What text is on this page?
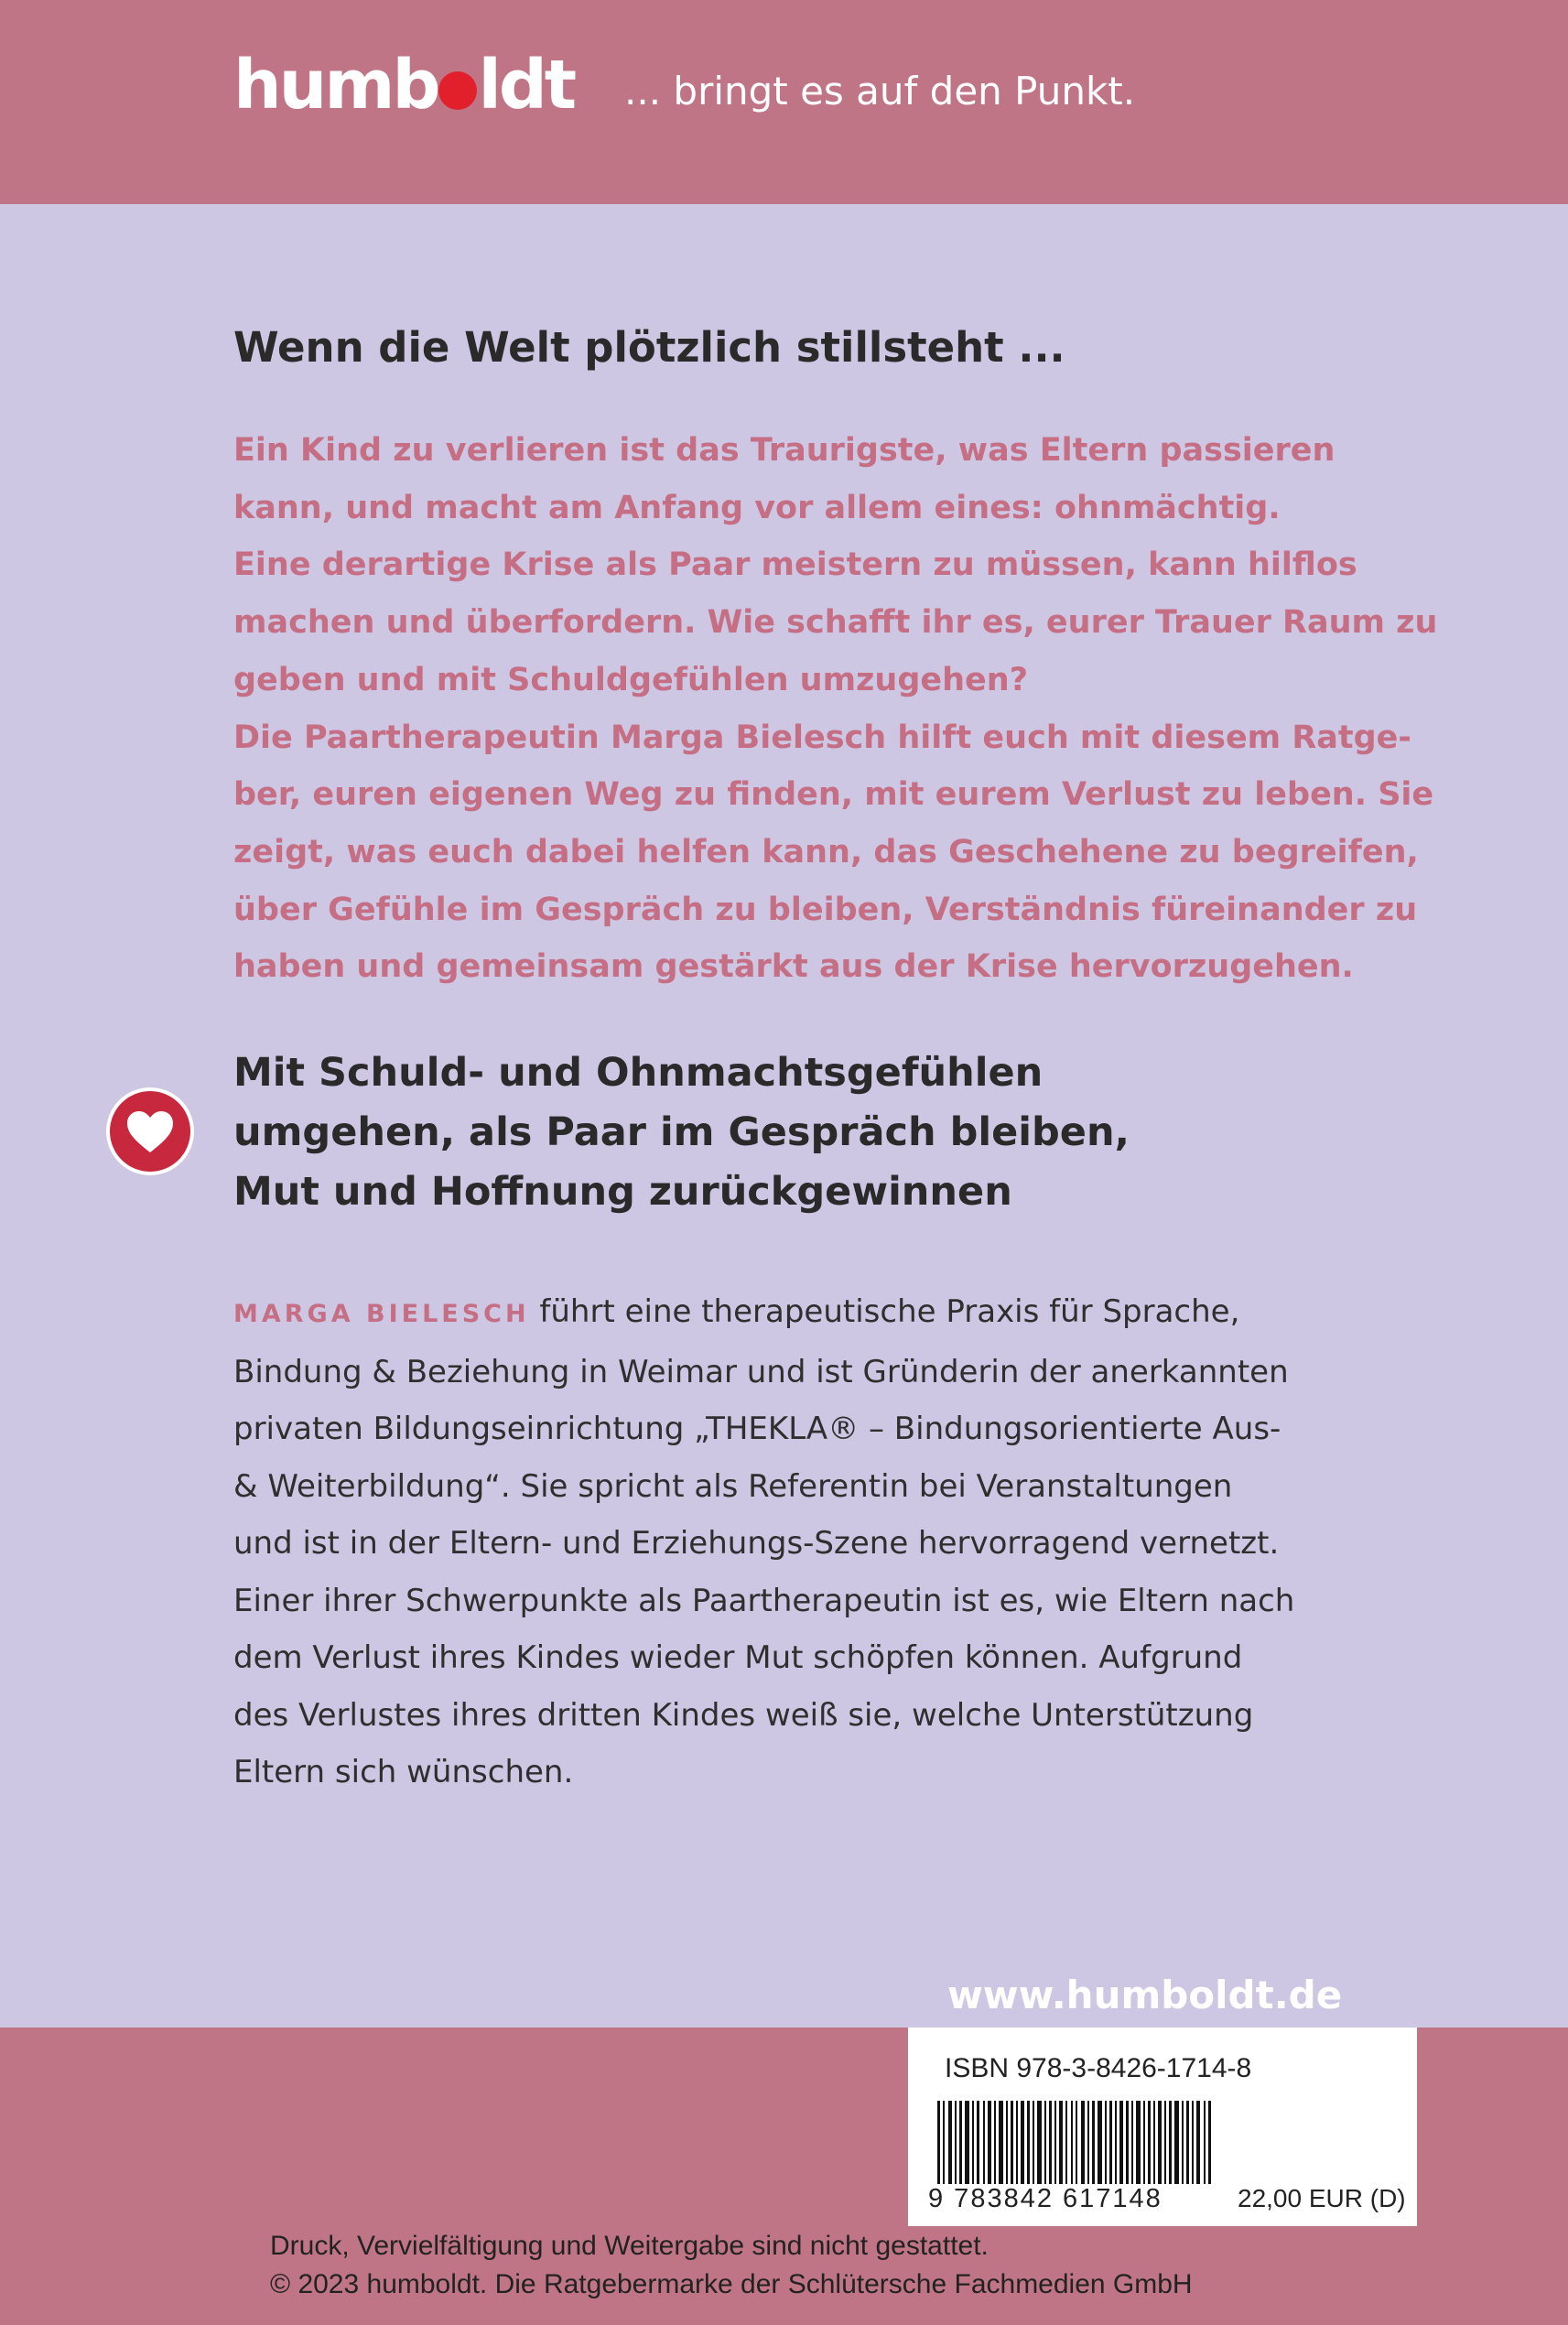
humb ldt ... bringt es auf den Punkt.
Wenn die Welt plötzlich stillsteht ...
Ein Kind zu verlieren ist das Traurigste, was Eltern passieren
kann, und macht am Anfang vor allem eines: ohnmächtig.
Eine derartige Krise als Paar meistern zu müssen, kann hilflos
machen und überfordern. Wie schafft ihr es, eurer Trauer Raum zu
geben und mit Schuldgefühlen umzugehen?
Die Paartherapeutin Marga Bielesch hilft euch mit diesem Ratge-
ber, euren eigenen Weg zu finden, mit eurem Verlust zu leben. Sie
zeigt, was euch dabei helfen kann, das Geschehene zu begreifen,
über Gefühle im Gespräch zu bleiben, Verständnis füreinander zu
haben und gemeinsam gestärkt aus der Krise hervorzugehen.
Mit Schuld- und Ohnmachtsgefühlen
umgehen, als Paar im Gespräch bleiben,
Mut und Hoffnung zurückgewinnen
MARGA BIELESCH führt eine therapeutische Praxis für Sprache,
Bindung & Beziehung in Weimar und ist Gründerin der anerkannten
privaten Bildungseinrichtung „THEKLA® – Bindungsorientierte Aus-
& Weiterbildung“. Sie spricht als Referentin bei Veranstaltungen
und ist in der Eltern- und Erziehungs-Szene hervorragend vernetzt.
Einer ihrer Schwerpunkte als Paartherapeutin ist es, wie Eltern nach
dem Verlust ihres Kindes wieder Mut schöpfen können. Aufgrund
des Verlustes ihres dritten Kindes weiß sie, welche Unterstützung
Eltern sich wünschen.
www.humboldt.de
ISBN 978-3-8426-1714-8
9 783842 617148	22,00 EUR (D)
Druck, Vervielfältigung und Weitergabe sind nicht gestattet.
© 2023 humboldt. Die Ratgebermarke der Schlütersche Fachmedien GmbH
